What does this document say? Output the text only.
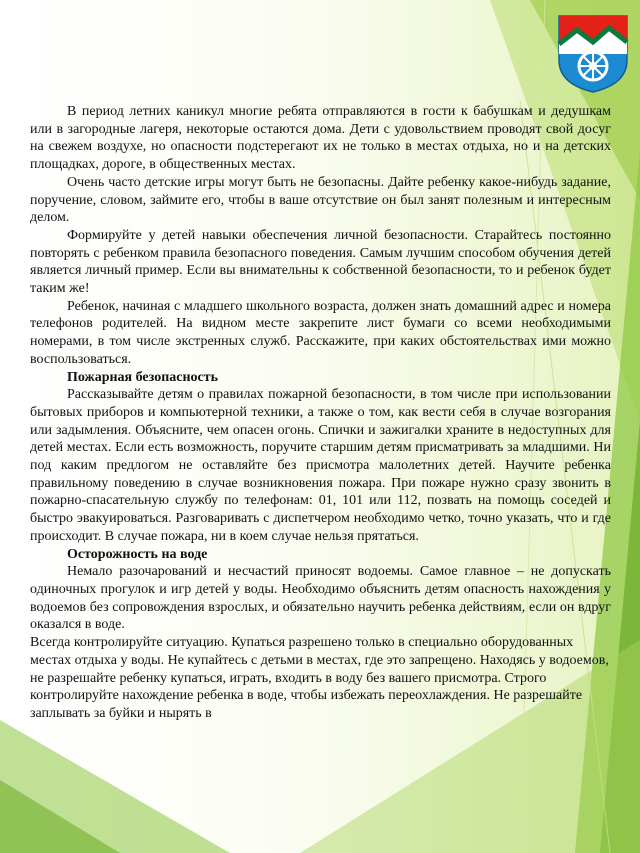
В период летних каникул многие ребята отправляются в гости к бабушкам и дедушкам или в загородные лагеря, некоторые остаются дома. Дети с удовольствием проводят свой досуг на свежем воздухе, но опасности подстерегают их не только в местах отдыха, но и на детских площадках, дороге, в общественных местах.

Очень часто детские игры могут быть не безопасны. Дайте ребенку какое-нибудь задание, поручение, словом, займите его, чтобы в ваше отсутствие он был занят полезным и интересным делом.

Формируйте у детей навыки обеспечения личной безопасности. Старайтесь постоянно повторять с ребенком правила безопасного поведения. Самым лучшим способом обучения детей является личный пример. Если вы внимательны к собственной безопасности, то и ребенок будет таким же!

Ребенок, начиная с младшего школьного возраста, должен знать домашний адрес и номера телефонов родителей. На видном месте закрепите лист бумаги со всеми необходимыми номерами, в том числе экстренных служб. Расскажите, при каких обстоятельствах ими можно воспользоваться.

Пожарная безопасность

Рассказывайте детям о правилах пожарной безопасности, в том числе при использовании бытовых приборов и компьютерной техники, а также о том, как вести себя в случае возгорания или задымления. Объясните, чем опасен огонь. Спички и зажигалки храните в недоступных для детей местах. Если есть возможность, поручите старшим детям присматривать за младшими. Ни под каким предлогом не оставляйте без присмотра малолетних детей. Научите ребенка правильному поведению в случае возникновения пожара. При пожаре нужно сразу звонить в пожарно-спасательную службу по телефонам: 01, 101 или 112, позвать на помощь соседей и быстро эвакуироваться. Разговаривать с диспетчером необходимо четко, точно указать, что и где происходит. В случае пожара, ни в коем случае нельзя прятаться.

Осторожность на воде

Немало разочарований и несчастий приносят водоемы. Самое главное – не допускать одиночных прогулок и игр детей у воды. Необходимо объяснить детям опасность нахождения у водоемов без сопровождения взрослых, и обязательно научить ребенка действиям, если он вдруг оказался в воде.

Всегда контролируйте ситуацию. Купаться разрешено только в специально оборудованных местах отдыха у воды. Не купайтесь с детьми в местах, где это запрещено. Находясь у водоемов, не разрешайте ребенку купаться, играть, входить в воду без вашего присмотра. Строго контролируйте нахождение ребенка в воде, чтобы избежать переохлаждения. Не разрешайте заплывать за буйки и нырять в
